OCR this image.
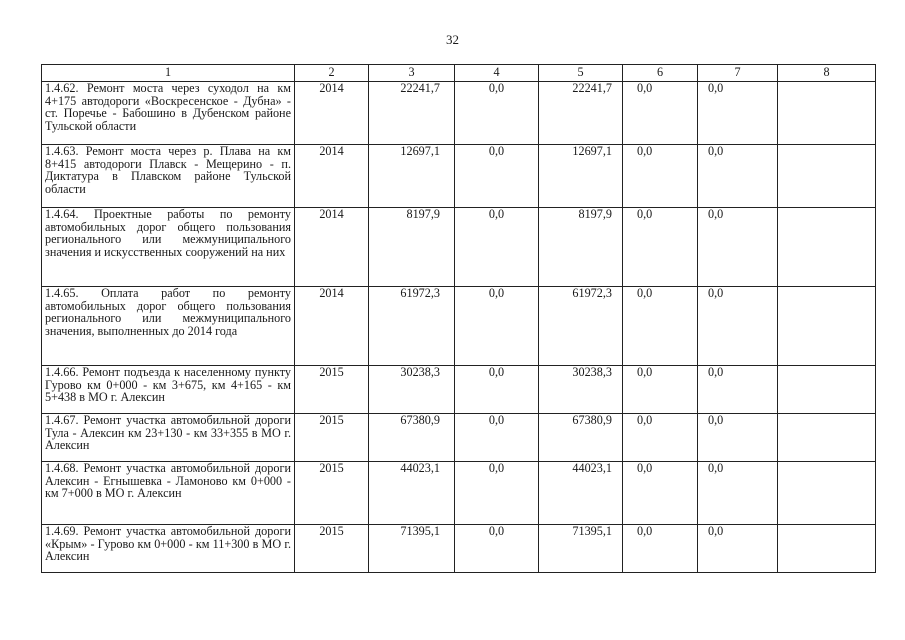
32
1	2	3	4	5	6	7	8
1.4.62. Ремонт моста через суходол на км 4+175 автодороги «Воскресенское - Дубна» - ст. Поречье - Бабошино в Дубенском районе Тульской области	2014	22241,7	0,0	22241,7	0,0	0,0	
1.4.63. Ремонт моста через р. Плава на км 8+415 автодороги Плавск - Мещерино - п. Диктатура в Плавском районе Тульской области	2014	12697,1	0,0	12697,1	0,0	0,0	
1.4.64. Проектные работы по ремонту автомобильных дорог общего пользования регионального или межмуниципального значения и искусственных сооружений на них	2014	8197,9	0,0	8197,9	0,0	0,0	
1.4.65. Оплата работ по ремонту автомобильных дорог общего пользования регионального или межмуниципального значения, выполненных до 2014 года	2014	61972,3	0,0	61972,3	0,0	0,0	
1.4.66. Ремонт подъезда к населенному пункту Гурово км 0+000 - км 3+675, км 4+165 - км 5+438 в МО г. Алексин	2015	30238,3	0,0	30238,3	0,0	0,0	
1.4.67. Ремонт участка автомобильной дороги Тула - Алексин км 23+130 - км 33+355 в МО г. Алексин	2015	67380,9	0,0	67380,9	0,0	0,0	
1.4.68. Ремонт участка автомобильной дороги Алексин - Егнышевка - Ламоново км 0+000 - км 7+000 в МО г. Алексин	2015	44023,1	0,0	44023,1	0,0	0,0	
1.4.69. Ремонт участка автомобильной дороги «Крым» - Гурово км 0+000 - км 11+300 в МО г. Алексин	2015	71395,1	0,0	71395,1	0,0	0,0	
